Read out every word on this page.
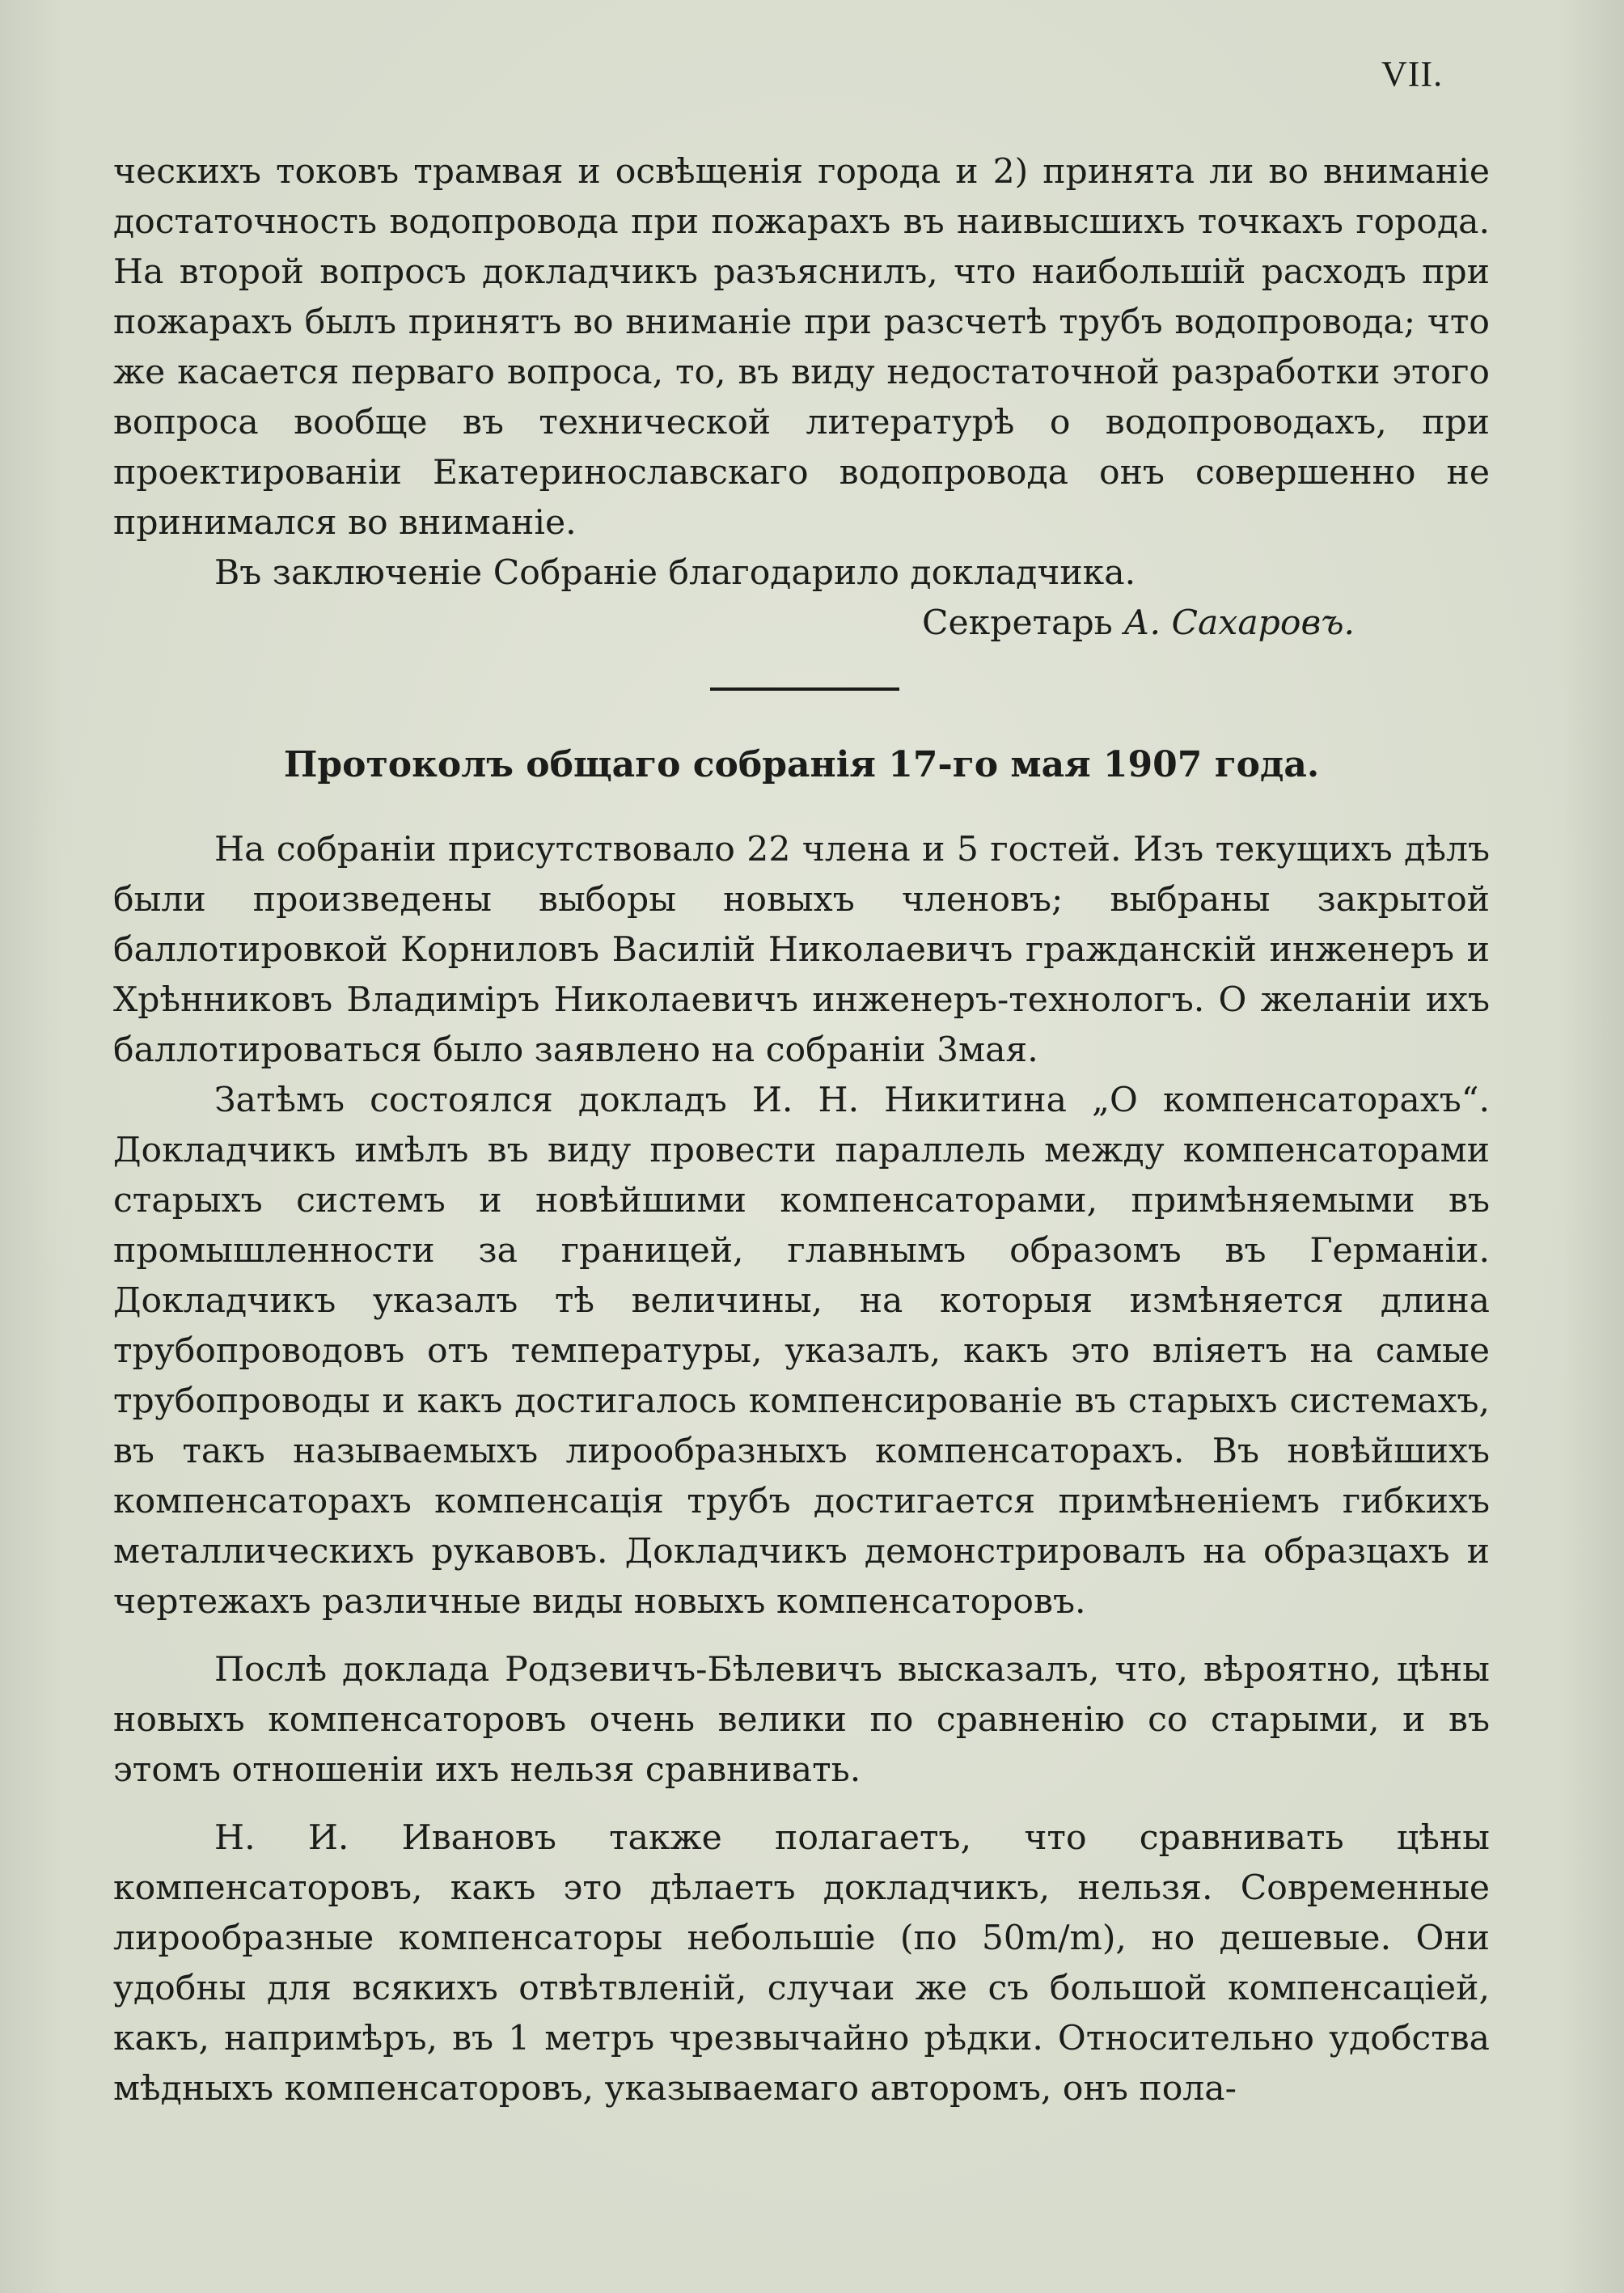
VII.

ческихъ токовъ трамвая и освѣщенія города и 2) принята ли во вниманіе достаточность водопровода при пожарахъ въ наивысшихъ точкахъ города. На второй вопросъ докладчикъ разъяснилъ, что наибольшій расходъ при пожарахъ былъ принятъ во вниманіе при разсчетѣ трубъ водопровода; что же касается перваго вопроса, то, въ виду недостаточной разработки этого вопроса вообще въ технической литературѣ о водопроводахъ, при проектированіи Екатеринославскаго водопровода онъ совершенно не принимался во вниманіе.

Въ заключеніе Собраніе благодарило докладчика.

Секретарь А. Сахаровъ.
Протоколъ общаго собранія 17-го мая 1907 года.

На собраніи присутствовало 22 члена и 5 гостей. Изъ текущихъ дѣлъ были произведены выборы новыхъ членовъ; выбраны закрытой баллотировкой Корниловъ Василій Николаевичъ гражданскій инженеръ и Хрѣнниковъ Владиміръ Николаевичъ инженеръ-технологъ. О желаніи ихъ баллотироваться было заявлено на собраніи 3мая.

Затѣмъ состоялся докладъ И. Н. Никитина „О компенсаторахъ“. Докладчикъ имѣлъ въ виду провести параллель между компенсаторами старыхъ системъ и новѣйшими компенсаторами, примѣняемыми въ промышленности за границей, главнымъ образомъ въ Германіи. Докладчикъ указалъ тѣ величины, на которыя измѣняется длина трубопроводовъ отъ температуры, указалъ, какъ это вліяетъ на самые трубопроводы и какъ достигалось компенсированіе въ старыхъ системахъ, въ такъ называемыхъ лирообразныхъ компенсаторахъ. Въ новѣйшихъ компенсаторахъ компенсація трубъ достигается примѣненіемъ гибкихъ металлическихъ рукавовъ. Докладчикъ демонстрировалъ на образцахъ и чертежахъ различные виды новыхъ компенсаторовъ.

Послѣ доклада Родзевичъ-Бѣлевичъ высказалъ, что, вѣроятно, цѣны новыхъ компенсаторовъ очень велики по сравненію со старыми, и въ этомъ отношеніи ихъ нельзя сравнивать.

Н. И. Ивановъ также полагаетъ, что сравнивать цѣны компенсаторовъ, какъ это дѣлаетъ докладчикъ, нельзя. Современные лирообразные компенсаторы небольшіе (по 50m/m), но дешевые. Они удобны для всякихъ отвѣтвленій, случаи же съ большой компенсаціей, какъ, напримѣръ, въ 1 метръ чрезвычайно рѣдки. Относительно удобства мѣдныхъ компенсаторовъ, указываемаго авторомъ, онъ пола-
